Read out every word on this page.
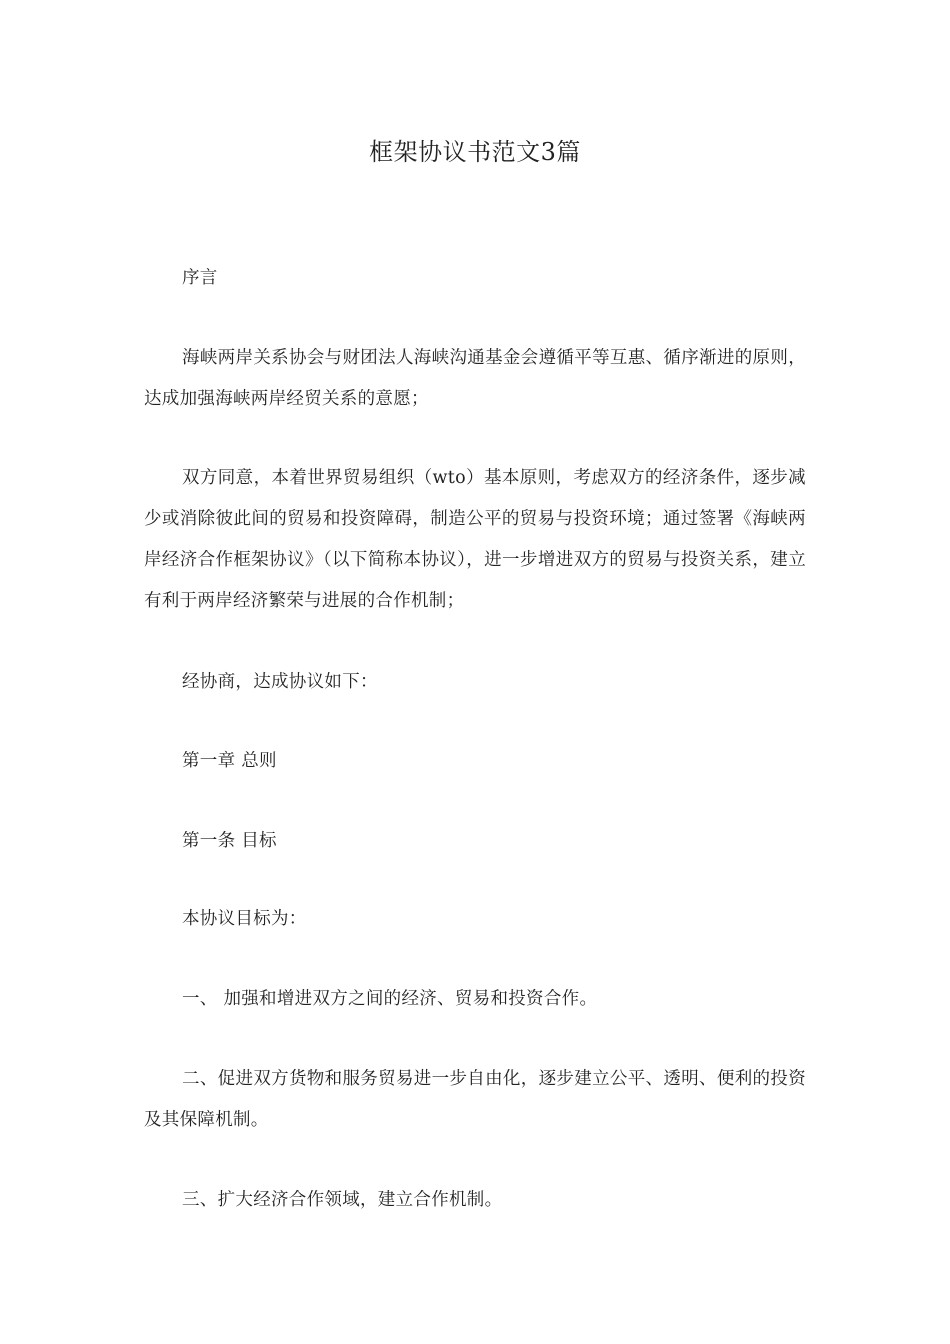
框架协议书范文3篇

序言

海峡两岸关系协会与财团法人海峡沟通基金会遵循平等互惠、循序渐进的原则，达成加强海峡两岸经贸关系的意愿；

双方同意，本着世界贸易组织（wto）基本原则，考虑双方的经济条件，逐步减少或消除彼此间的贸易和投资障碍，制造公平的贸易与投资环境；通过签署《海峡两岸经济合作框架协议》（以下简称本协议），进一步增进双方的贸易与投资关系，建立有利于两岸经济繁荣与进展的合作机制；

经协商，达成协议如下：

第一章 总则

第一条 目标

本协议目标为：

一、 加强和增进双方之间的经济、贸易和投资合作。

二、促进双方货物和服务贸易进一步自由化，逐步建立公平、透明、便利的投资及其保障机制。

三、扩大经济合作领域，建立合作机制。
